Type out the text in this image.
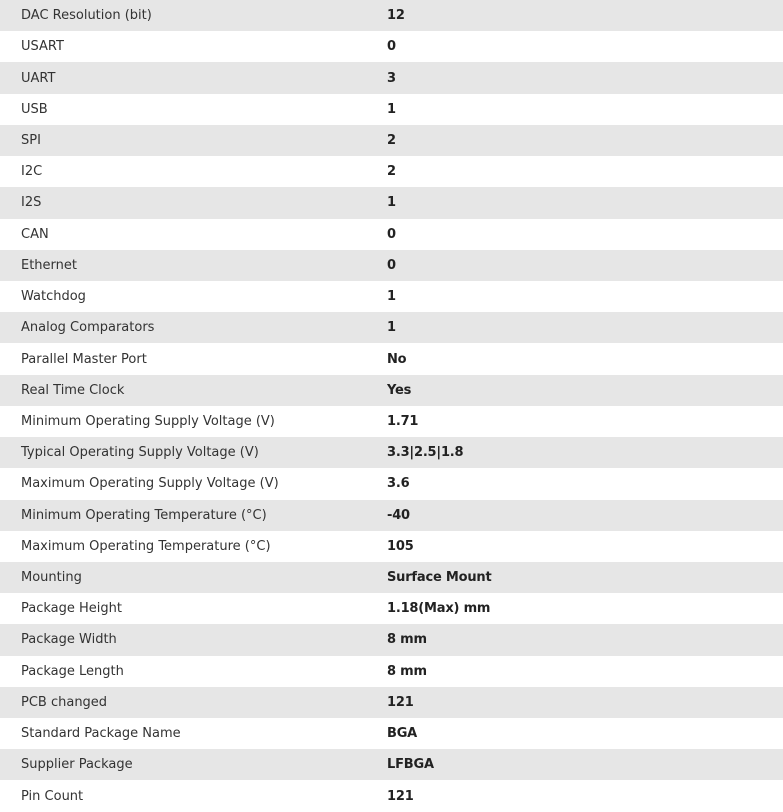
DAC Resolution (bit)	12
USART	0
UART	3
USB	1
SPI	2
I2C	2
I2S	1
CAN	0
Ethernet	0
Watchdog	1
Analog Comparators	1
Parallel Master Port	No
Real Time Clock	Yes
Minimum Operating Supply Voltage (V)	1.71
Typical Operating Supply Voltage (V)	3.3|2.5|1.8
Maximum Operating Supply Voltage (V)	3.6
Minimum Operating Temperature (°C)	-40
Maximum Operating Temperature (°C)	105
Mounting	Surface Mount
Package Height	1.18(Max) mm
Package Width	8 mm
Package Length	8 mm
PCB changed	121
Standard Package Name	BGA
Supplier Package	LFBGA
Pin Count	121
